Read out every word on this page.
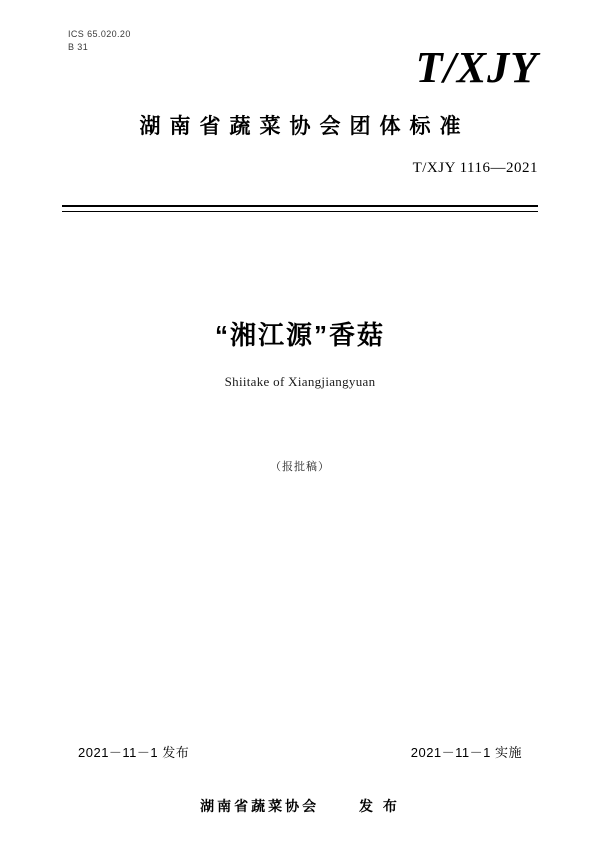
ICS 65.020.20
B 31	T/XJY
湖南省蔬菜协会团体标准
T/XJY 1116—2021
“湘江源”香菇
Shiitake of Xiangjiangyuan
（报批稿）
2021－11－1 发布	2021－11－1 实施
湖南省蔬菜协会	发 布
